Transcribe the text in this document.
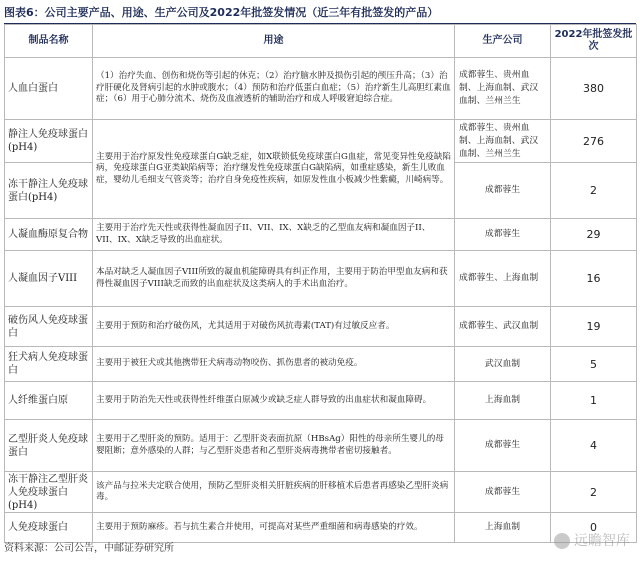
图表6：公司主要产品、用途、生产公司及2022年批签发情况（近三年有批签发的产品）
制品名称	用途	生产公司	2022年批签发批次
人血白蛋白	（1）治疗失血、创伤和烧伤等引起的休克；（2）治疗脑水肿及损伤引起的颅压升高；（3）治疗肝硬化及肾病引起的水肿或腹水；（4）预防和治疗低蛋白血症；（5）治疗新生儿高胆红素血症；（6）用于心肺分流术、烧伤及血液透析的辅助治疗和成人呼吸窘迫综合症。	成都蓉生、贵州血制、上海血制、武汉血制、兰州兰生	380
静注人免疫球蛋白(pH4)	主要用于治疗原发性免疫球蛋白G缺乏症，如X联锁低免疫球蛋白G血症，常见变异性免疫缺陷病，免疫球蛋白G亚类缺陷病等；治疗继发性免疫球蛋白G缺陷病，如重症感染，新生儿败血症，婴幼儿毛细支气管炎等；治疗自身免疫性疾病，如原发性血小板减少性紫癜，川崎病等。	成都蓉生、贵州血制、上海血制、武汉血制、兰州兰生	276
冻干静注人免疫球蛋白(pH4)		成都蓉生	2
人凝血酶原复合物	主要用于治疗先天性或获得性凝血因子II、VII、IX、X缺乏的乙型血友病和凝血因子II、VII、IX、X缺乏导致的出血症状。	成都蓉生	29
人凝血因子VIII	本品对缺乏人凝血因子VIII所致的凝血机能障碍具有纠正作用，主要用于防治甲型血友病和获得性凝血因子VIII缺乏而致的出血症状及这类病人的手术出血治疗。	成都蓉生、上海血制	16
破伤风人免疫球蛋白	主要用于预防和治疗破伤风，尤其适用于对破伤风抗毒素(TAT)有过敏反应者。	成都蓉生、武汉血制	19
狂犬病人免疫球蛋白	主要用于被狂犬或其他携带狂犬病毒动物咬伤、抓伤患者的被动免疫。	武汉血制	5
人纤维蛋白原	主要用于防治先天性或获得性纤维蛋白原减少或缺乏症人群导致的出血症状和凝血障碍。	上海血制	1
乙型肝炎人免疫球蛋白	主要用于乙型肝炎的预防。适用于：乙型肝炎表面抗原（HBsAg）阳性的母亲所生婴儿的母婴阻断；意外感染的人群；与乙型肝炎患者和乙型肝炎病毒携带者密切接触者。	成都蓉生	4
冻干静注乙型肝炎人免疫球蛋白(pH4)	该产品与拉米夫定联合使用，预防乙型肝炎相关肝脏疾病的肝移植术后患者再感染乙型肝炎病毒。	成都蓉生	2
人免疫球蛋白	主要用于预防麻疹。若与抗生素合并使用，可提高对某些严重细菌和病毒感染的疗效。	上海血制	0
资料来源：公司公告，中邮证券研究所	远瞻智库
